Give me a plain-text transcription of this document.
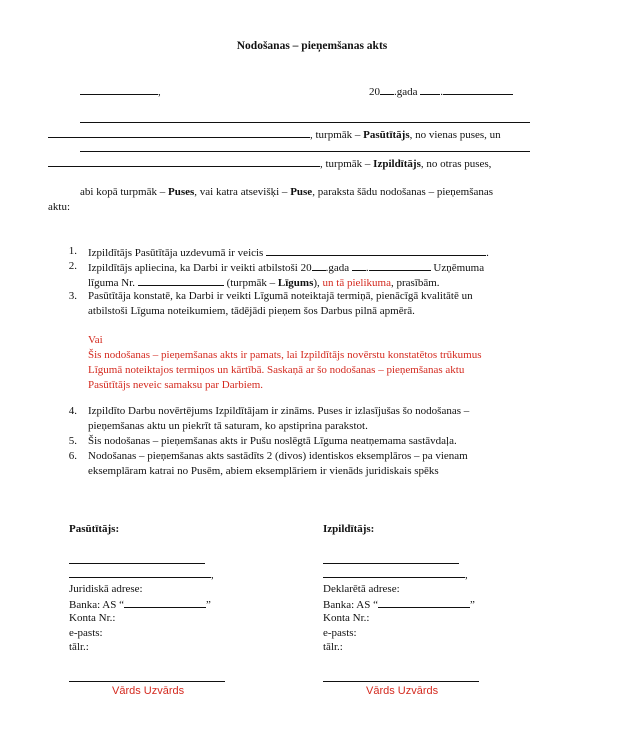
Nodošanas – pieņemšanas akts
,	20 .gada .
, turpmāk – Pasūtītājs, no vienas puses, un
, turpmāk – Izpildītājs, no otras puses,
abi kopā turpmāk – Puses, vai katra atsevišķi – Puse, paraksta šādu nodošanas – pieņemšanas
aktu:
1.
2.
3.
4.
5.
6.
Izpildītājs Pasūtītāja uzdevumā ir veicis	.
Izpildītājs apliecina, ka Darbi ir veikti atbilstoši 20 .gada .	Uzņēmuma
līguma Nr.	(turpmāk – Līgums), un tā pielikuma, prasībām.
Pasūtītāja konstatē, ka Darbi ir veikti Līgumā noteiktajā termiņā, pienācīgā kvalitātē un
atbilstoši Līguma noteikumiem, tādējādi pieņem šos Darbus pilnā apmērā.
Vai
Šis nodošanas – pieņemšanas akts ir pamats, lai Izpildītājs novērstu konstatētos trūkumus
Līgumā noteiktajos termiņos un kārtībā. Saskaņā ar šo nodošanas – pieņemšanas aktu
Pasūtītājs neveic samaksu par Darbiem.
Izpildīto Darbu novērtējums Izpildītājam ir zināms. Puses ir izlasījušas šo nodošanas –
pieņemšanas aktu un piekrīt tā saturam, ko apstiprina parakstot.
Šis nodošanas – pieņemšanas akts ir Pušu noslēgtā Līguma neatņemama sastāvdaļa.
Nodošanas – pieņemšanas akts sastādīts 2 (divos) identiskos eksemplāros – pa vienam
eksemplāram katrai no Pusēm, abiem eksemplāriem ir vienāds juridiskais spēks
Pasūtītājs:
,
Juridiskā adrese:
Banka: AS “	”
Konta Nr.:
e-pasts:
tālr.:
Vārds Uzvārds
Izpildītājs:
,
Deklarētā adrese:
Banka: AS “	”
Konta Nr.:
e-pasts:
tālr.:
Vārds Uzvārds
